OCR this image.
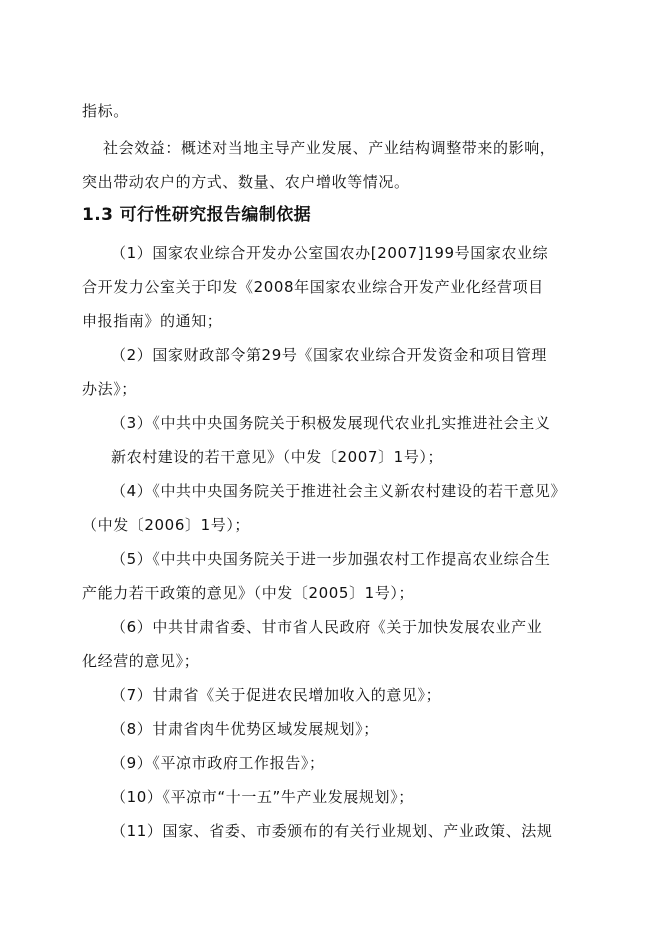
指标。
社会效益：概述对当地主导产业发展、产业结构调整带来的影响，
突出带动农户的方式、数量、农户增收等情况。
1.3 可行性研究报告编制依据
（1）国家农业综合开发办公室国农办[2007]199号国家农业综
合开发力公室关于印发《2008年国家农业综合开发产业化经营项目
申报指南》的通知；
（2）国家财政部令第29号《国家农业综合开发资金和项目管理
办法》；
（3）《中共中央国务院关于积极发展现代农业扎实推进社会主义
新农村建设的若干意见》（中发〔2007〕1号）；
（4）《中共中央国务院关于推进社会主义新农村建设的若干意见》
（中发〔2006〕1号）；
（5）《中共中央国务院关于进一步加强农村工作提高农业综合生
产能力若干政策的意见》（中发〔2005〕1号）；
（6）中共甘肃省委、甘市省人民政府《关于加快发展农业产业
化经营的意见》；
（7）甘肃省《关于促进农民增加收入的意见》；
（8）甘肃省肉牛优势区域发展规划》；
（9）《平凉市政府工作报告》；
（10）《平凉市“十一五”牛产业发展规划》；
（11）国家、省委、市委颁布的有关行业规划、产业政策、法规
